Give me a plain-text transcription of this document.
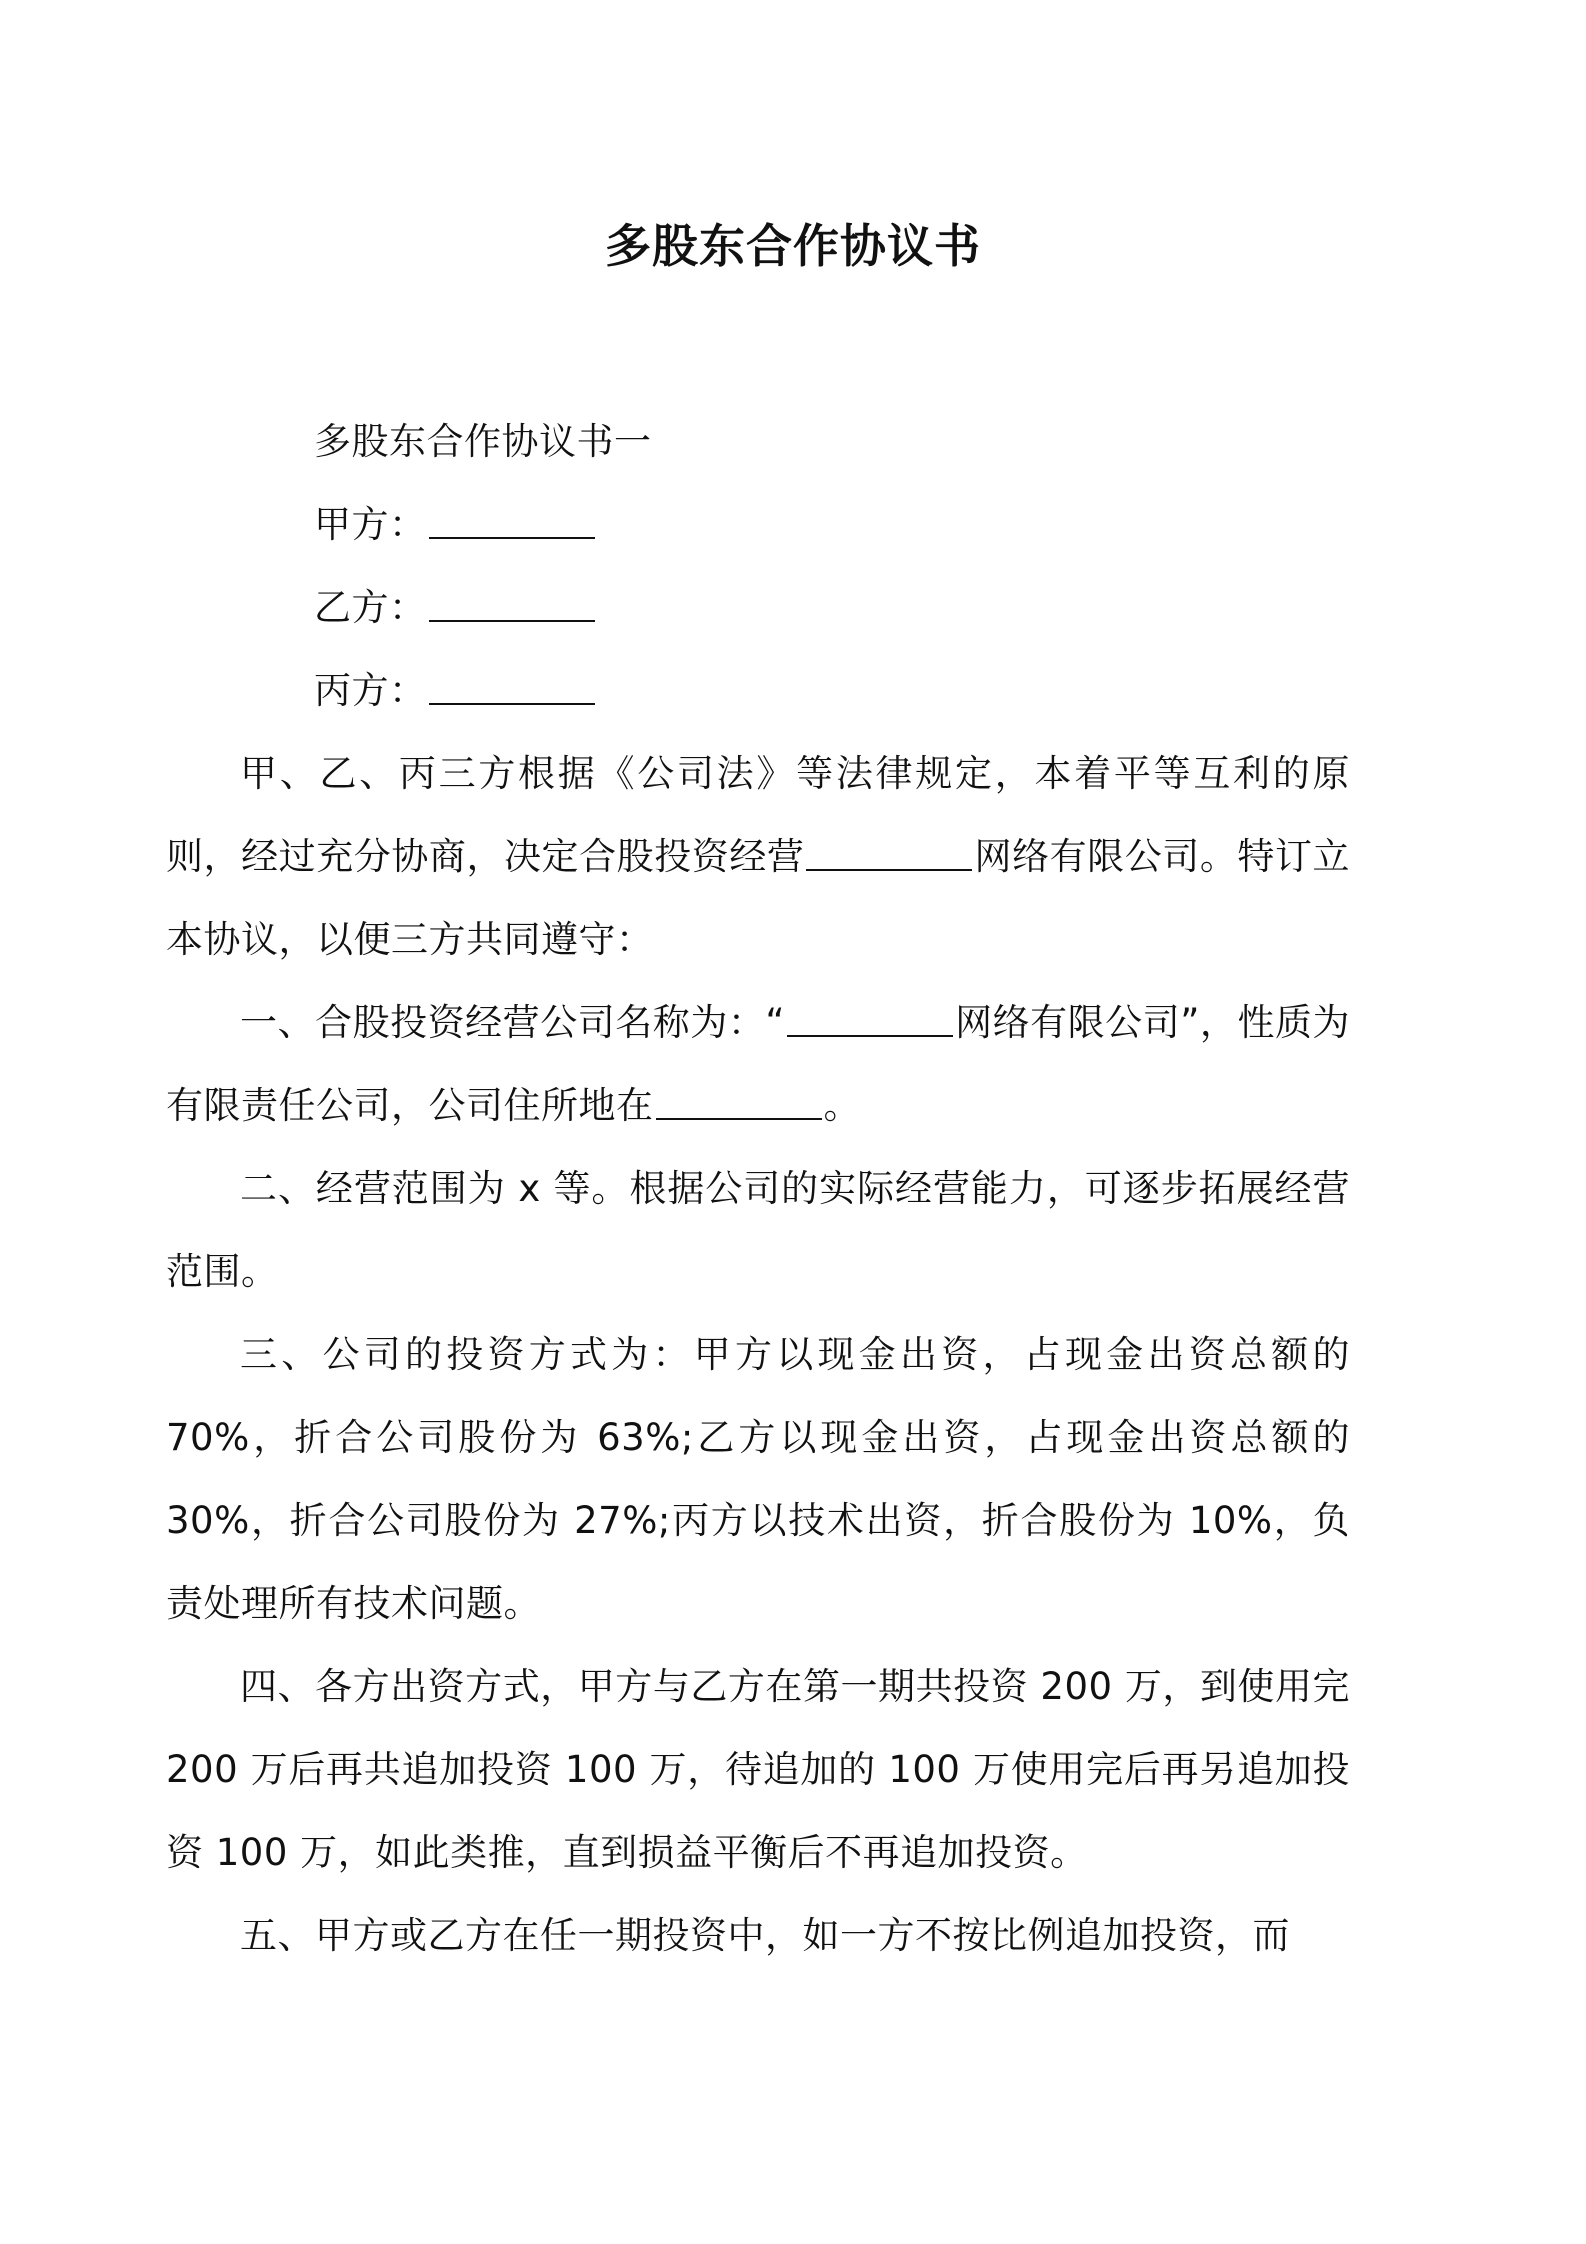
多股东合作协议书

多股东合作协议书一

甲方：

乙方：

丙方：

甲、乙、丙三方根据《公司法》等法律规定，本着平等互利的原则，经过充分协商，决定合股投资经营	网络有限公司。特订立本协议，以便三方共同遵守：

一、合股投资经营公司名称为：“	网络有限公司”，性质为有限责任公司，公司住所地在	。

二、经营范围为 x 等。根据公司的实际经营能力，可逐步拓展经营范围。

三、公司的投资方式为：甲方以现金出资，占现金出资总额的 70%，折合公司股份为 63%;乙方以现金出资，占现金出资总额的 30%，折合公司股份为 27%;丙方以技术出资，折合股份为 10%，负责处理所有技术问题。

四、各方出资方式，甲方与乙方在第一期共投资 200 万，到使用完 200 万后再共追加投资 100 万，待追加的 100 万使用完后再另追加投资 100 万，如此类推，直到损益平衡后不再追加投资。

五、甲方或乙方在任一期投资中，如一方不按比例追加投资，而
